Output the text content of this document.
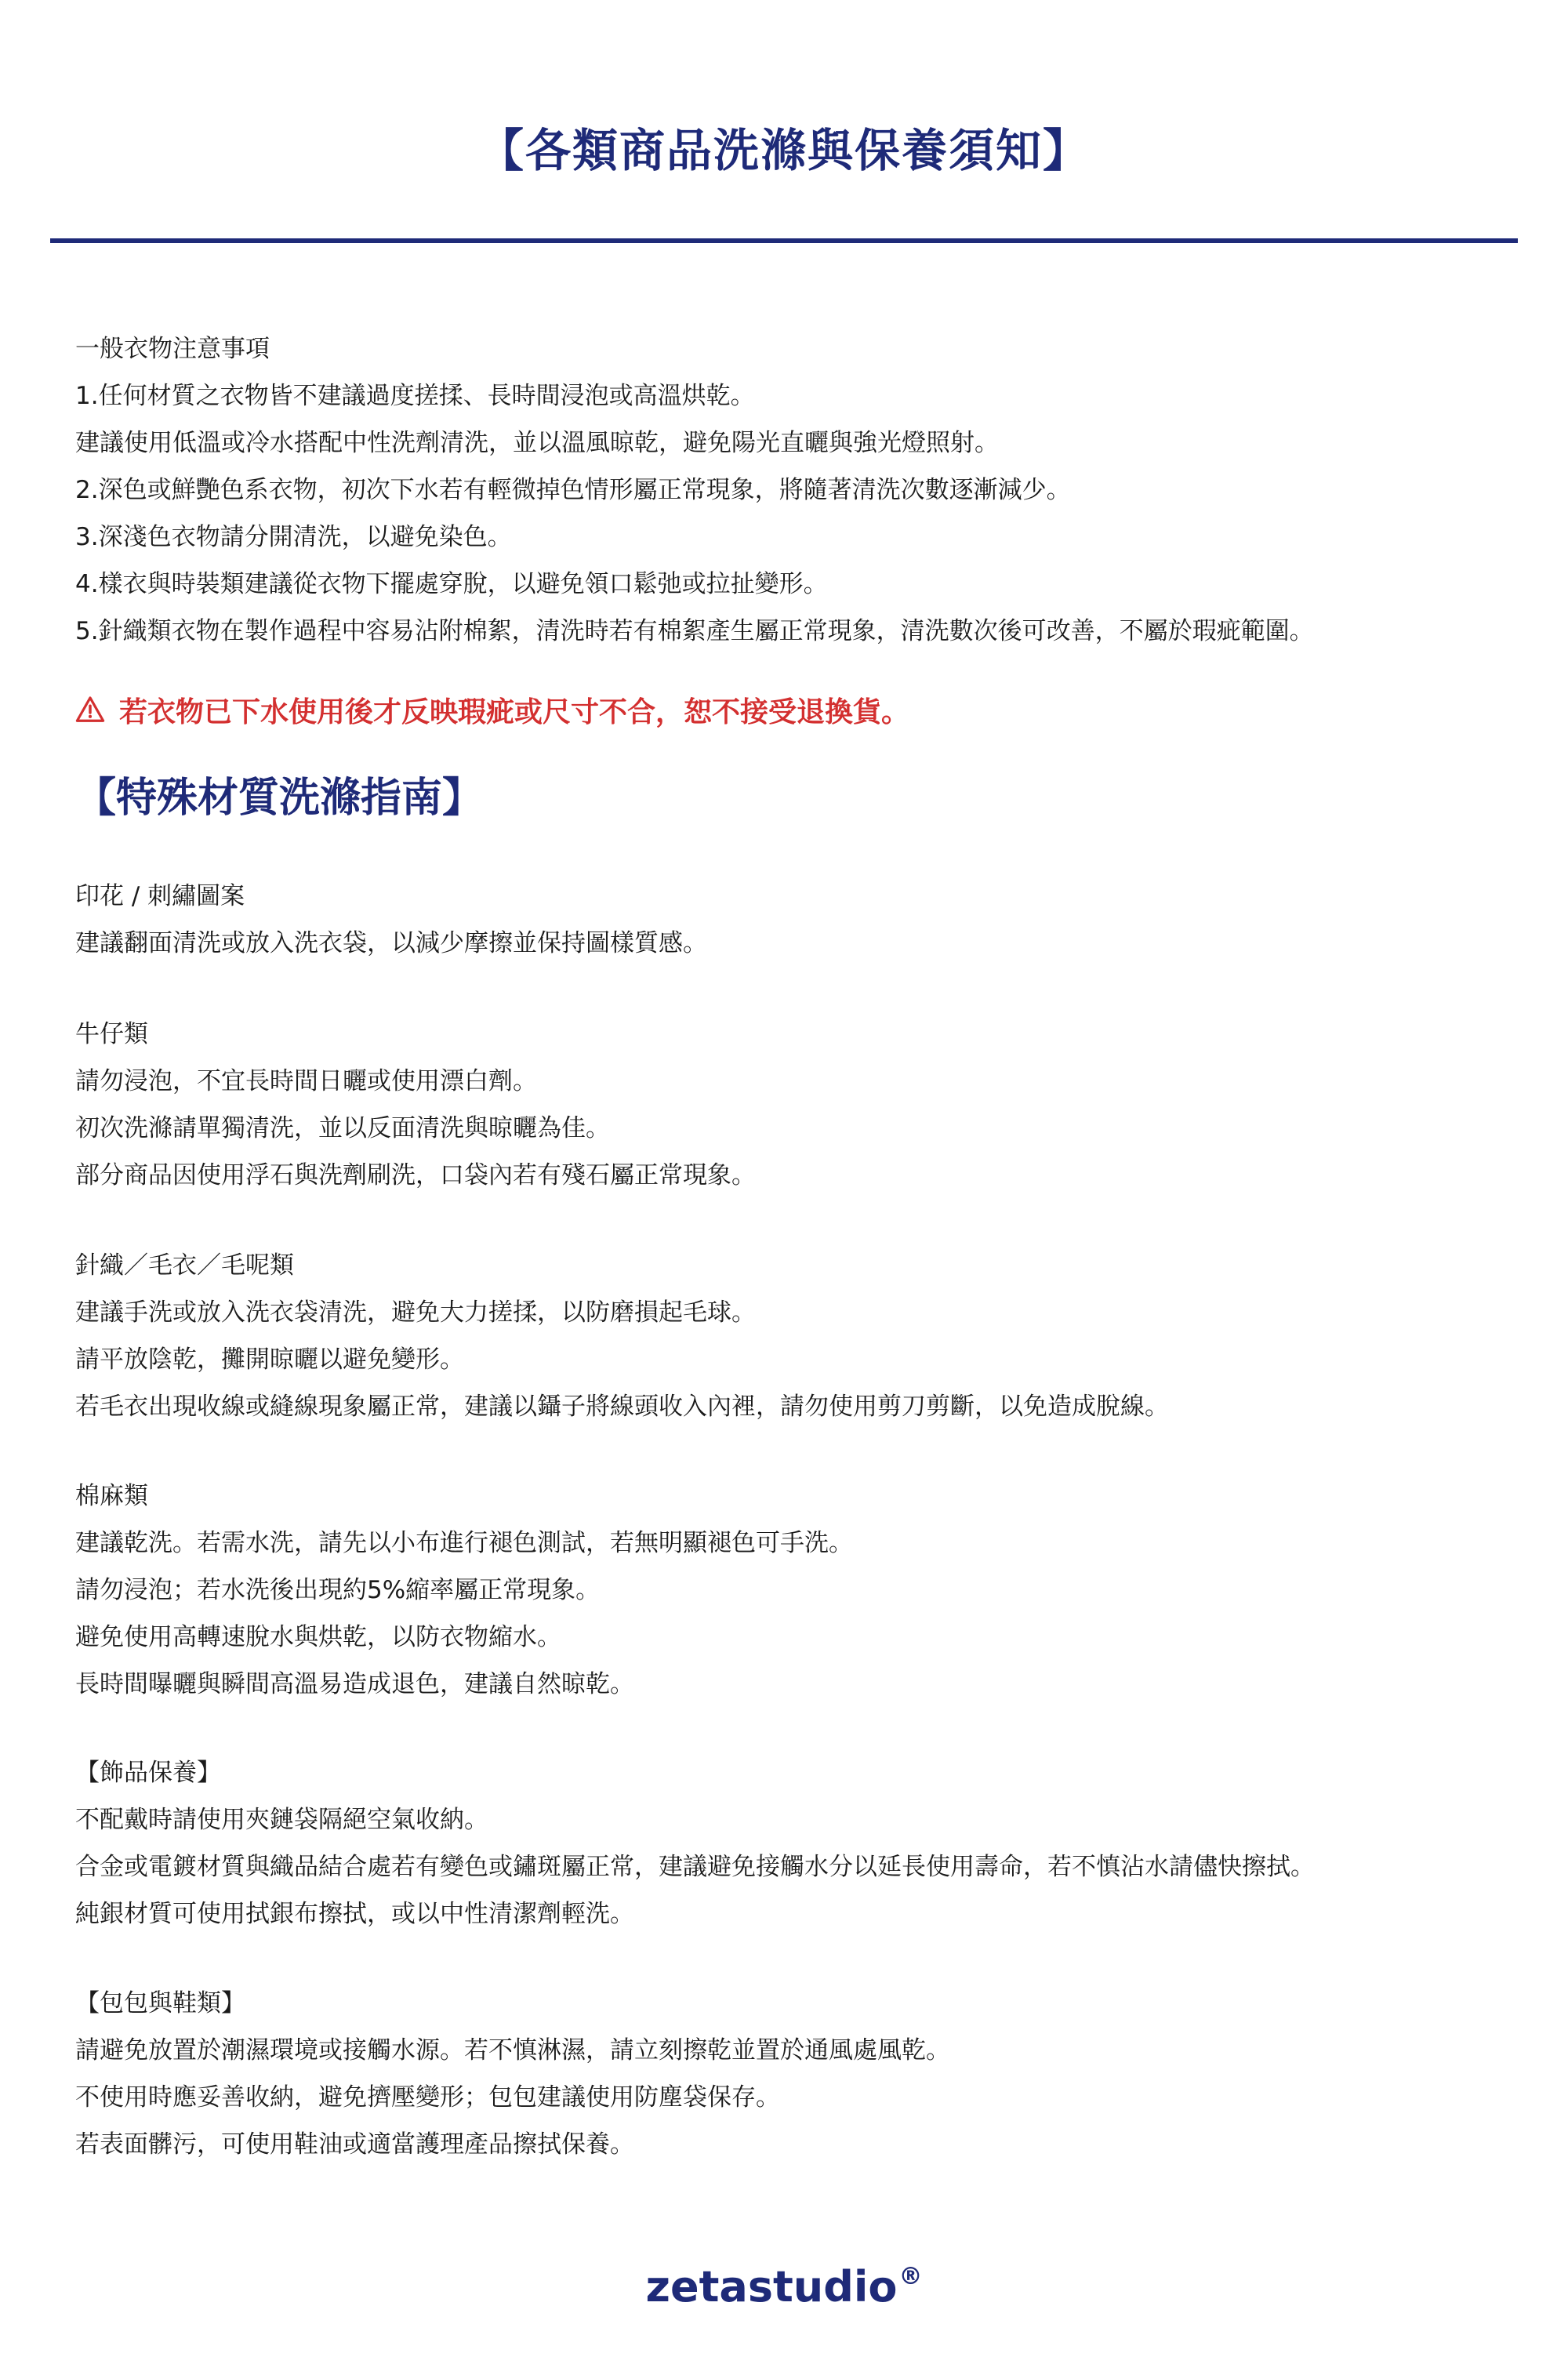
【各類商品洗滌與保養須知】
一般衣物注意事項
1.任何材質之衣物皆不建議過度搓揉、長時間浸泡或高溫烘乾。
建議使用低溫或冷水搭配中性洗劑清洗，並以溫風晾乾，避免陽光直曬與強光燈照射。
2.深色或鮮艷色系衣物，初次下水若有輕微掉色情形屬正常現象，將隨著清洗次數逐漸減少。
3.深淺色衣物請分開清洗，以避免染色。
4.樣衣與時裝類建議從衣物下擺處穿脫，以避免領口鬆弛或拉扯變形。
5.針織類衣物在製作過程中容易沾附棉絮，清洗時若有棉絮產生屬正常現象，清洗數次後可改善，不屬於瑕疵範圍。
若衣物已下水使用後才反映瑕疵或尺寸不合，恕不接受退換貨。
【特殊材質洗滌指南】
印花 / 刺繡圖案
建議翻面清洗或放入洗衣袋，以減少摩擦並保持圖樣質感。
牛仔類
請勿浸泡，不宜長時間日曬或使用漂白劑。
初次洗滌請單獨清洗，並以反面清洗與晾曬為佳。
部分商品因使用浮石與洗劑刷洗，口袋內若有殘石屬正常現象。
針織／毛衣／毛呢類
建議手洗或放入洗衣袋清洗，避免大力搓揉，以防磨損起毛球。
請平放陰乾，攤開晾曬以避免變形。
若毛衣出現收線或縫線現象屬正常，建議以鑷子將線頭收入內裡，請勿使用剪刀剪斷，以免造成脫線。
棉麻類
建議乾洗。若需水洗，請先以小布進行褪色測試，若無明顯褪色可手洗。
請勿浸泡；若水洗後出現約5%縮率屬正常現象。
避免使用高轉速脫水與烘乾，以防衣物縮水。
長時間曝曬與瞬間高溫易造成退色，建議自然晾乾。
【飾品保養】
不配戴時請使用夾鏈袋隔絕空氣收納。
合金或電鍍材質與織品結合處若有變色或鏽斑屬正常，建議避免接觸水分以延長使用壽命，若不慎沾水請儘快擦拭。
純銀材質可使用拭銀布擦拭，或以中性清潔劑輕洗。
【包包與鞋類】
請避免放置於潮濕環境或接觸水源。若不慎淋濕，請立刻擦乾並置於通風處風乾。
不使用時應妥善收納，避免擠壓變形；包包建議使用防塵袋保存。
若表面髒污，可使用鞋油或適當護理產品擦拭保養。
zetastudio®
